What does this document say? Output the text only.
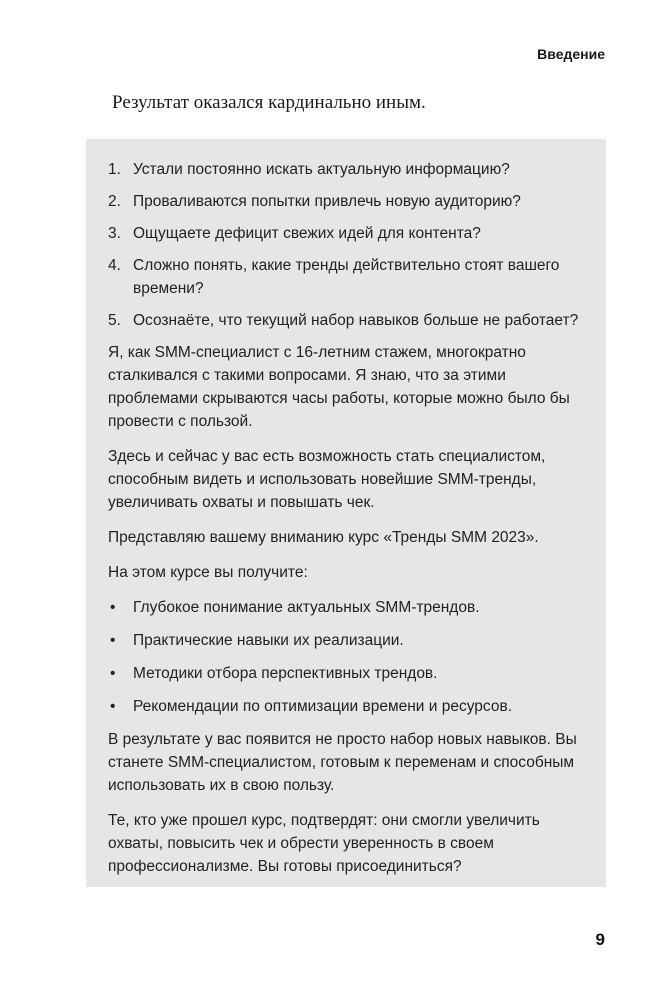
Введение
Результат оказался кардинально иным.
1. Устали постоянно искать актуальную информацию?
2. Проваливаются попытки привлечь новую аудиторию?
3. Ощущаете дефицит свежих идей для контента?
4. Сложно понять, какие тренды действительно стоят вашего времени?
5. Осознаёте, что текущий набор навыков больше не работает?

Я, как SMM-специалист с 16-летним стажем, многократно сталкивался с такими вопросами. Я знаю, что за этими проблемами скрываются часы работы, которые можно было бы провести с пользой.

Здесь и сейчас у вас есть возможность стать специалистом, способным видеть и использовать новейшие SMM-тренды, увеличивать охваты и повышать чек.

Представляю вашему вниманию курс «Тренды SMM 2023».

На этом курсе вы получите:

• Глубокое понимание актуальных SMM-трендов.
• Практические навыки их реализации.
• Методики отбора перспективных трендов.
• Рекомендации по оптимизации времени и ресурсов.

В результате у вас появится не просто набор новых навыков. Вы станете SMM-специалистом, готовым к переменам и способным использовать их в свою пользу.

Те, кто уже прошел курс, подтвердят: они смогли увеличить охваты, повысить чек и обрести уверенность в своем профессионализме. Вы готовы присоединиться?

9
